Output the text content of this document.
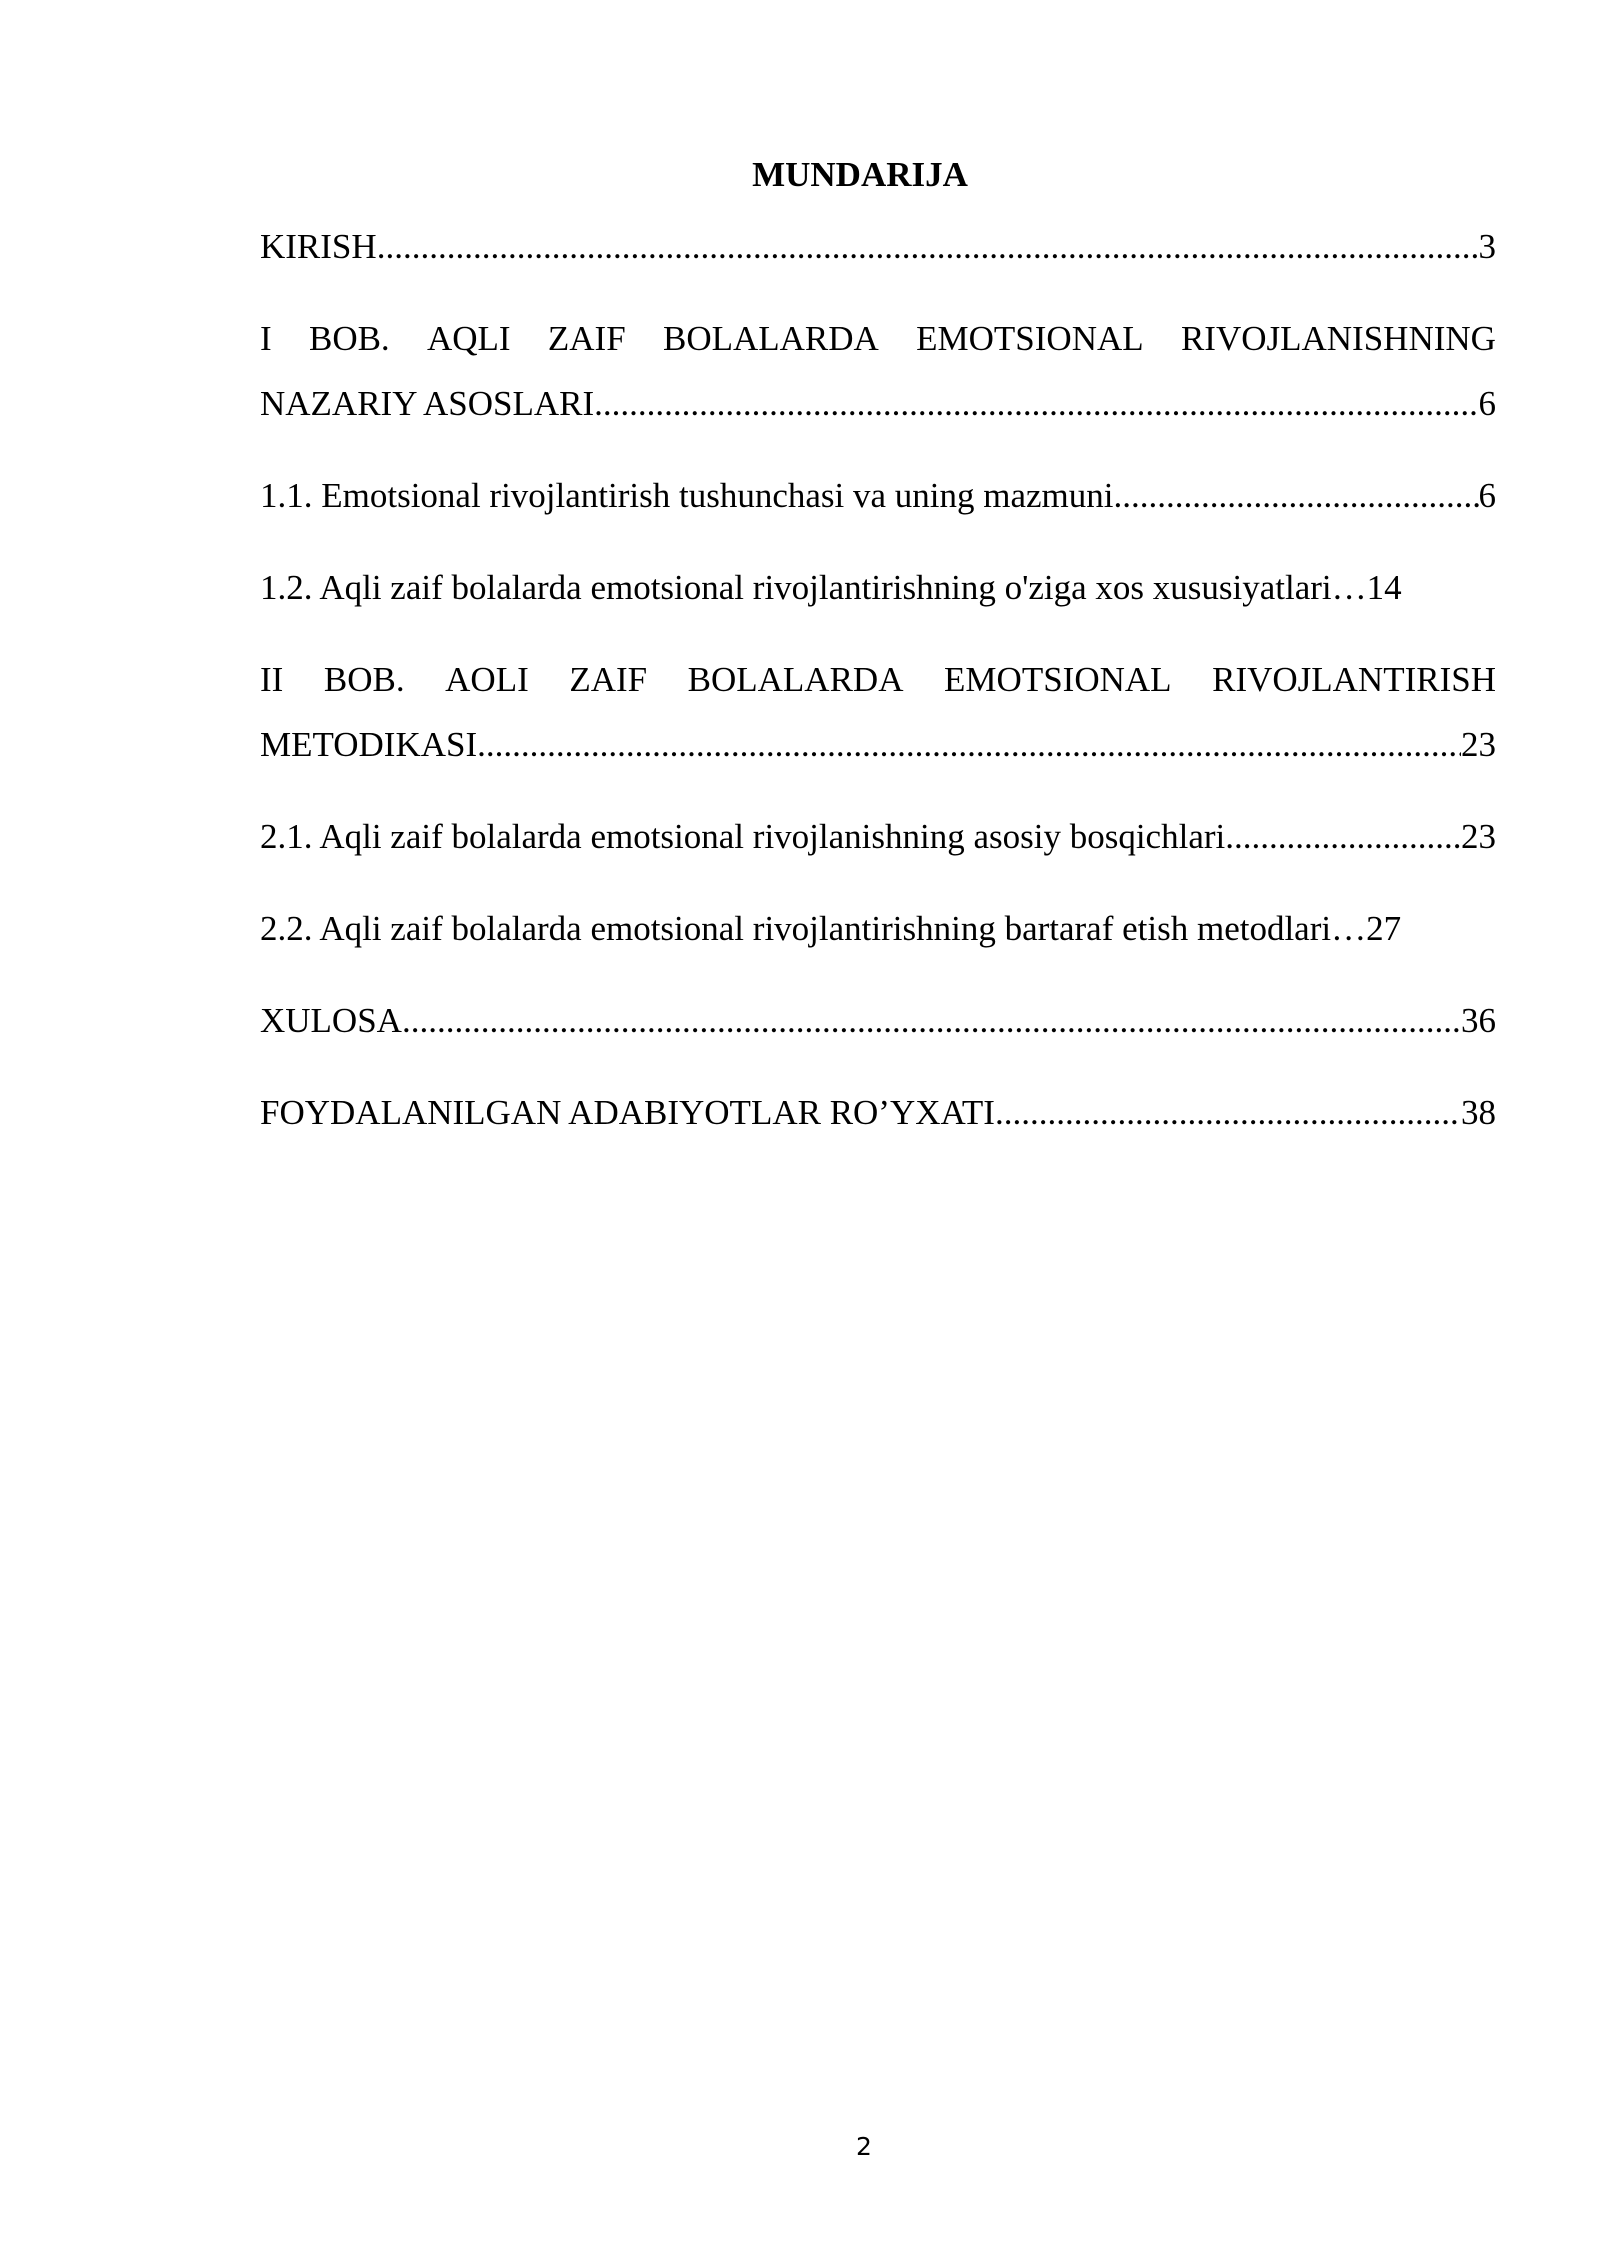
MUNDARIJA
KIRISH .....	3
I BOB. AQLI ZAIF BOLALARDA EMOTSIONAL RIVOJLANISHNING
NAZARIY ASOSLARI .....	6
1.1. Emotsional rivojlantirish tushunchasi va uning mazmuni .....	6
1.2. Aqli zaif bolalarda emotsional rivojlantirishning o'ziga xos xususiyatlari … 14
II BOB. AOLI ZAIF BOLALARDA EMOTSIONAL RIVOJLANTIRISH
METODIKASI .....	23
2.1. Aqli zaif bolalarda emotsional rivojlanishning asosiy bosqichlari .....	23
2.2. Aqli zaif bolalarda emotsional rivojlantirishning bartaraf etish metodlari … 27
XULOSA .....	36
FOYDALANILGAN ADABIYOTLAR RO’YXATI .....	38
2
